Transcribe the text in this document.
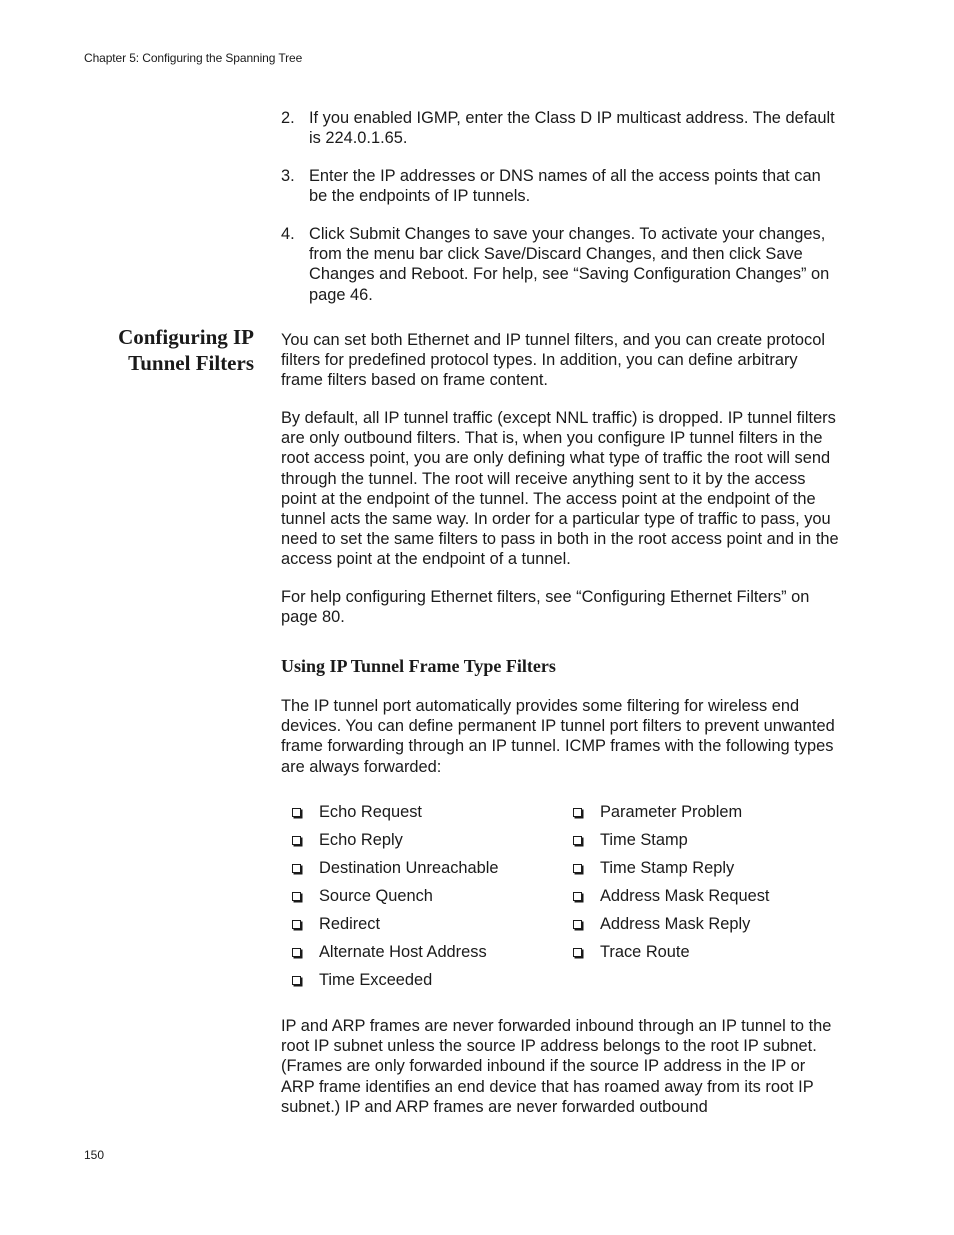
Chapter 5: Configuring the Spanning Tree
2. If you enabled IGMP, enter the Class D IP multicast address. The default is 224.0.1.65.
3. Enter the IP addresses or DNS names of all the access points that can be the endpoints of IP tunnels.
4. Click Submit Changes to save your changes. To activate your changes, from the menu bar click Save/Discard Changes, and then click Save Changes and Reboot. For help, see “Saving Configuration Changes” on page 46.
Configuring IP
Tunnel Filters

You can set both Ethernet and IP tunnel filters, and you can create protocol filters for predefined protocol types. In addition, you can define arbitrary frame filters based on frame content.

By default, all IP tunnel traffic (except NNL traffic) is dropped. IP tunnel filters are only outbound filters. That is, when you configure IP tunnel filters in the root access point, you are only defining what type of traffic the root will send through the tunnel. The root will receive anything sent to it by the access point at the endpoint of the tunnel. The access point at the endpoint of the tunnel acts the same way. In order for a particular type of traffic to pass, you need to set the same filters to pass in both in the root access point and in the access point at the endpoint of a tunnel.

For help configuring Ethernet filters, see “Configuring Ethernet Filters” on page 80.

Using IP Tunnel Frame Type Filters

The IP tunnel port automatically provides some filtering for wireless end devices. You can define permanent IP tunnel port filters to prevent unwanted frame forwarding through an IP tunnel. ICMP frames with the following types are always forwarded:

Echo Request
Echo Reply
Destination Unreachable
Source Quench
Redirect
Alternate Host Address
Time Exceeded
Parameter Problem
Time Stamp
Time Stamp Reply
Address Mask Request
Address Mask Reply
Trace Route

IP and ARP frames are never forwarded inbound through an IP tunnel to the root IP subnet unless the source IP address belongs to the root IP subnet. (Frames are only forwarded inbound if the source IP address in the IP or ARP frame identifies an end device that has roamed away from its root IP subnet.) IP and ARP frames are never forwarded outbound

150
